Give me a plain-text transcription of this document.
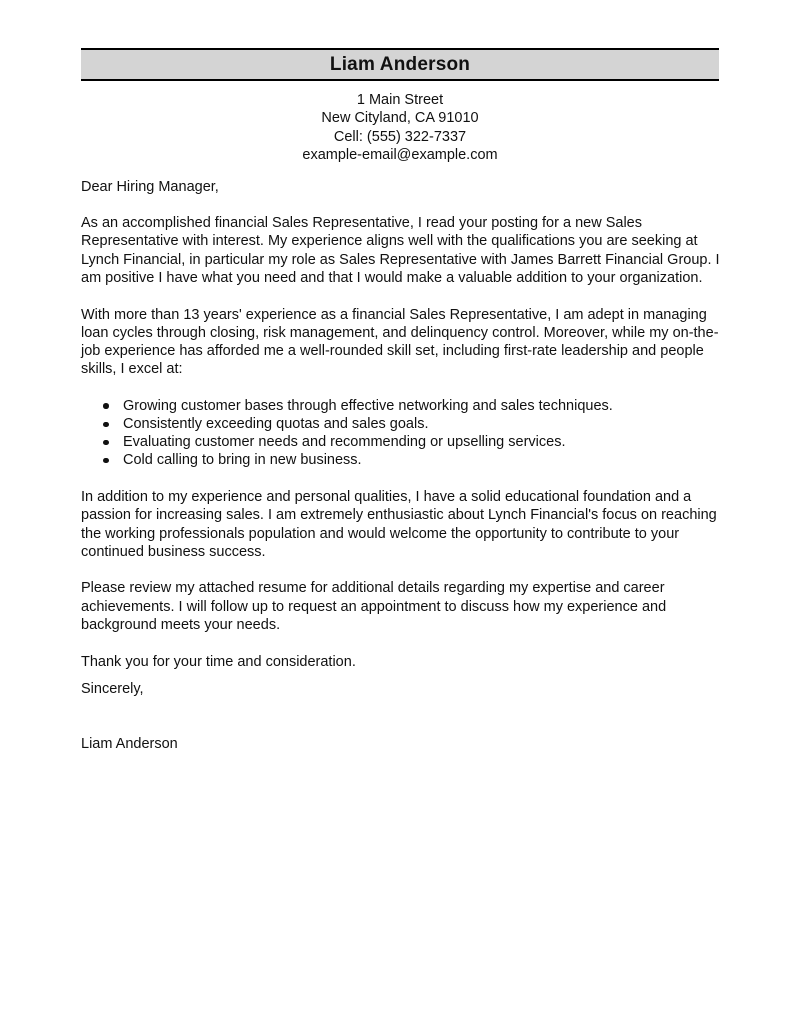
Liam Anderson
1 Main Street
New Cityland, CA 91010
Cell: (555) 322-7337
example-email@example.com

Dear Hiring Manager,

As an accomplished financial Sales Representative, I read your posting for a new Sales Representative with interest. My experience aligns well with the qualifications you are seeking at Lynch Financial, in particular my role as Sales Representative with James Barrett Financial Group. I am positive I have what you need and that I would make a valuable addition to your organization.

With more than 13 years' experience as a financial Sales Representative, I am adept in managing loan cycles through closing, risk management, and delinquency control. Moreover, while my on-the-job experience has afforded me a well-rounded skill set, including first-rate leadership and people skills, I excel at:

Growing customer bases through effective networking and sales techniques.
Consistently exceeding quotas and sales goals.
Evaluating customer needs and recommending or upselling services.
Cold calling to bring in new business.

In addition to my experience and personal qualities, I have a solid educational foundation and a passion for increasing sales. I am extremely enthusiastic about Lynch Financial's focus on reaching the working professionals population and would welcome the opportunity to contribute to your continued business success.

Please review my attached resume for additional details regarding my expertise and career achievements. I will follow up to request an appointment to discuss how my experience and background meets your needs.

Thank you for your time and consideration.

Sincerely,

Liam Anderson
